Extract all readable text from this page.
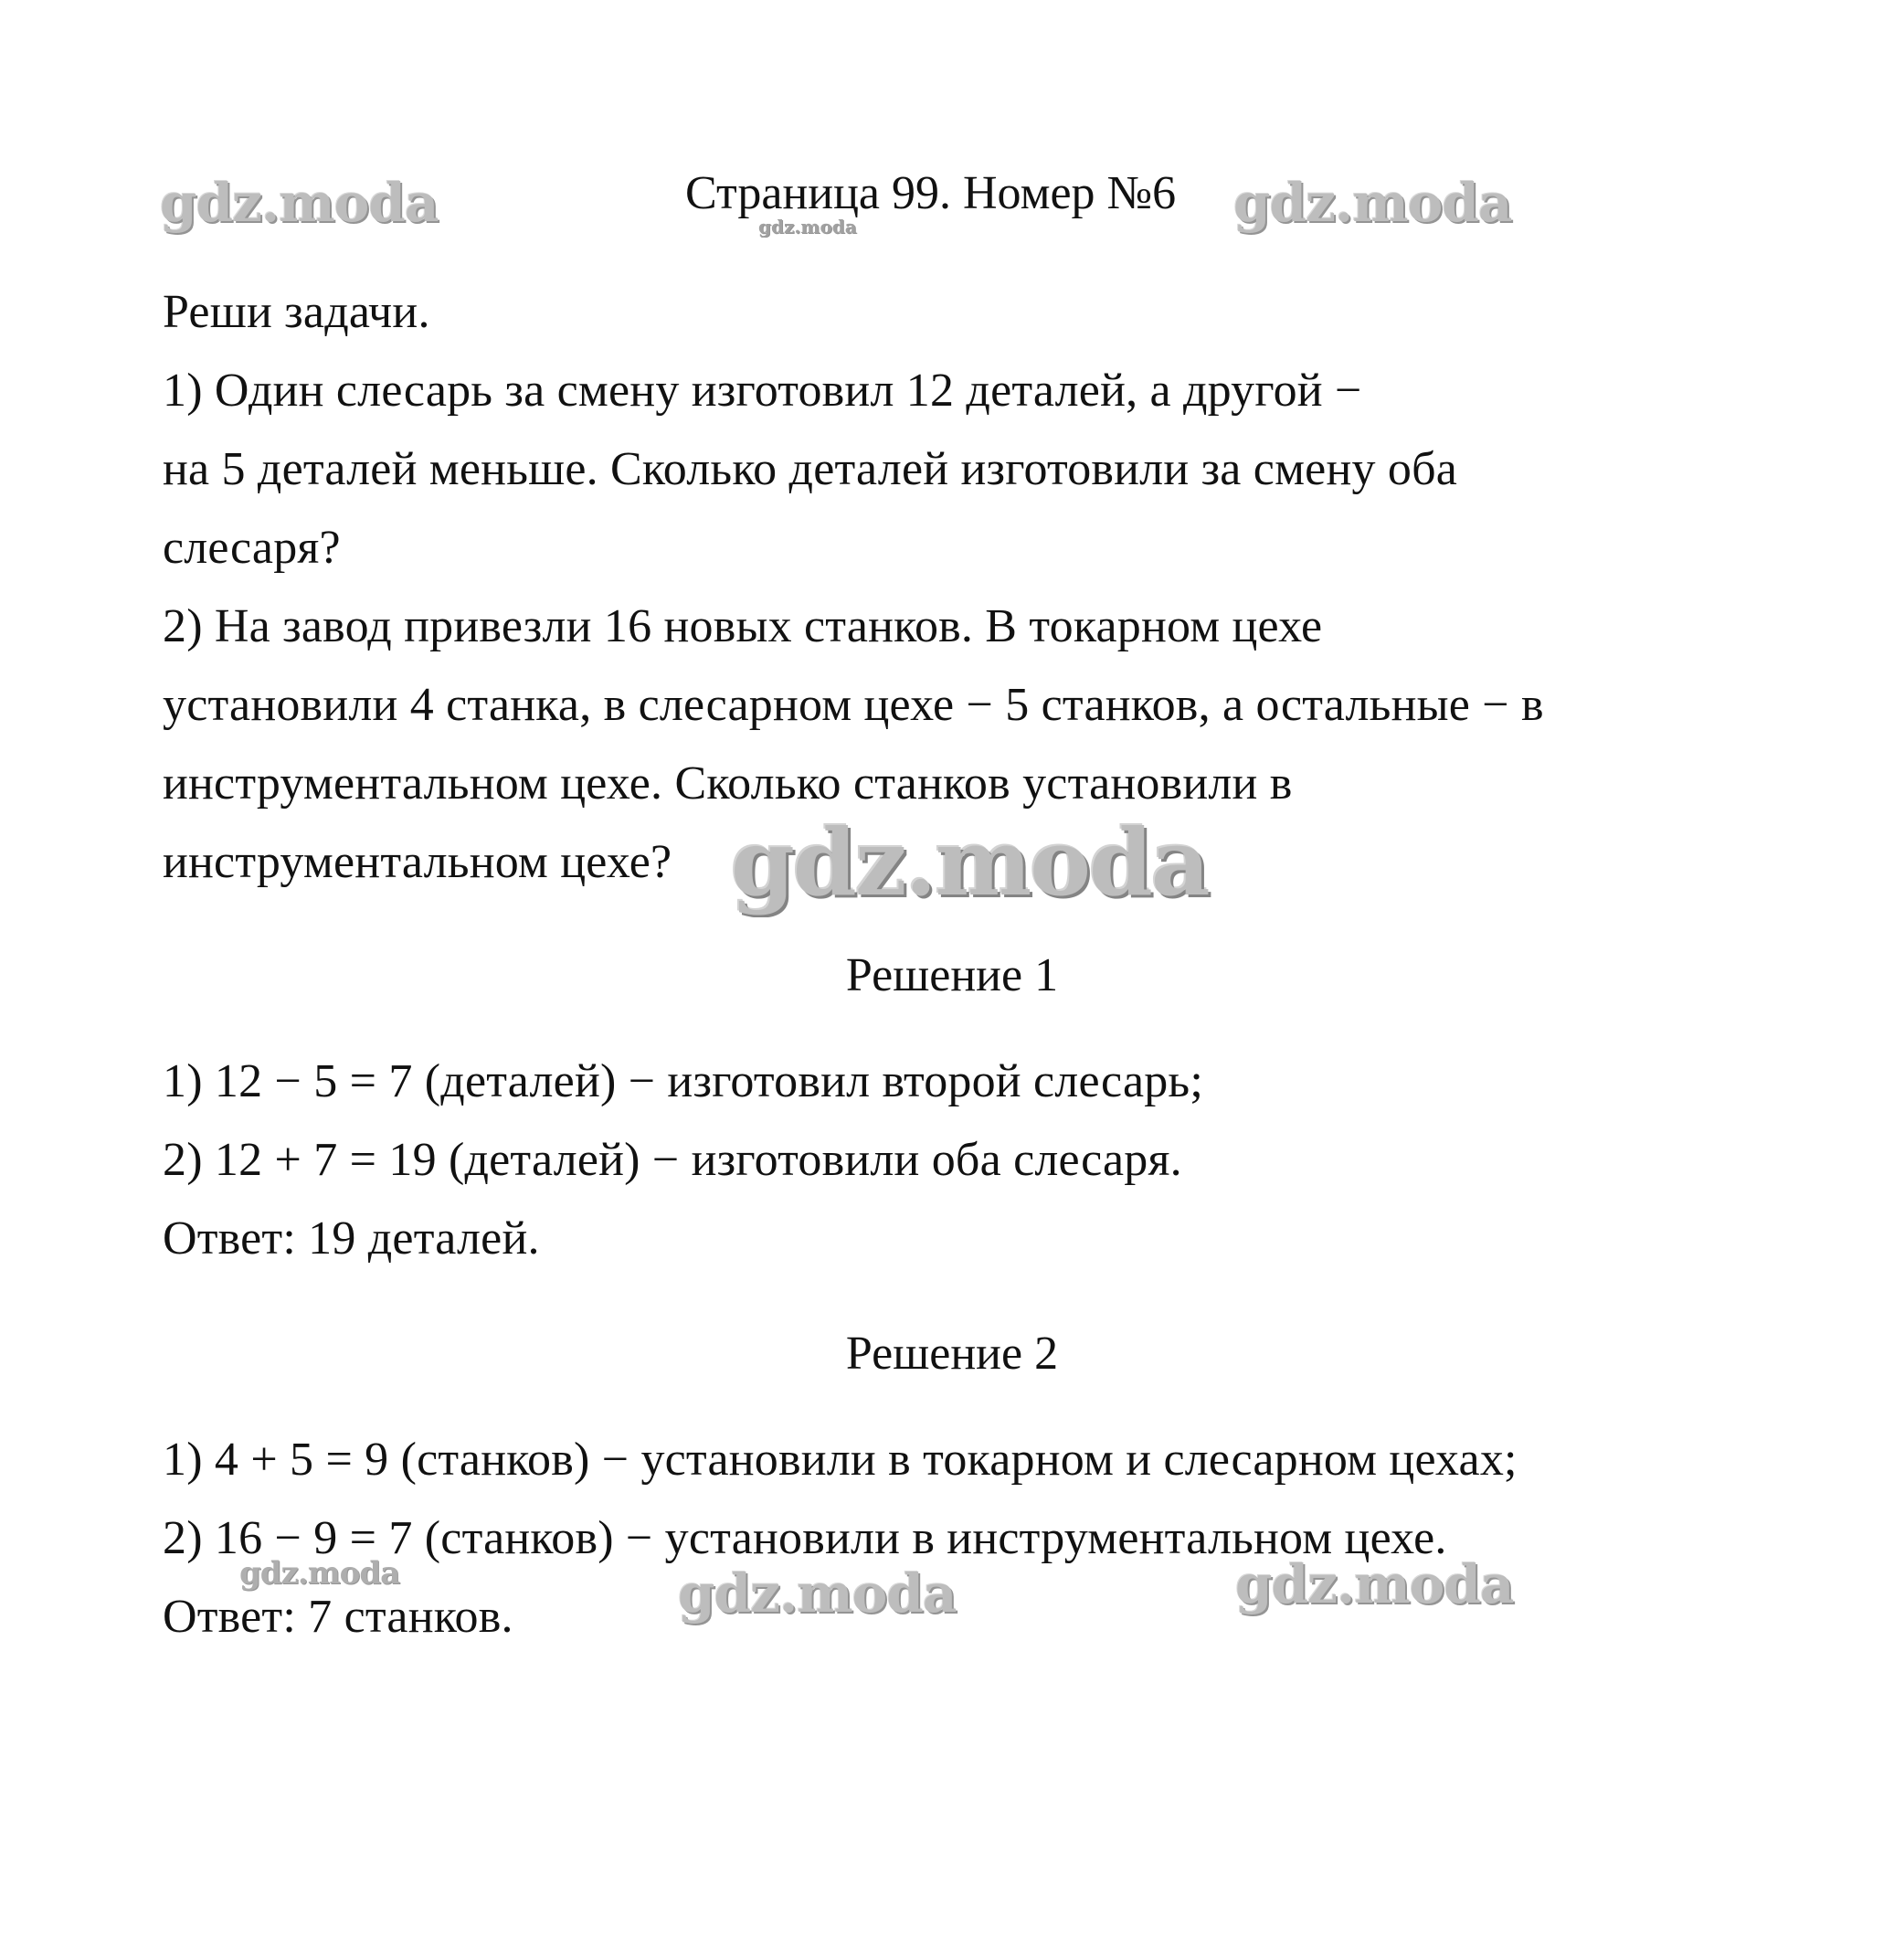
Страница 99. Номер №6
Реши задачи.
1) Один слесарь за смену изготовил 12 деталей, а другой −
на 5 деталей меньше. Сколько деталей изготовили за смену оба
слесаря?
2) На завод привезли 16 новых станков. В токарном цехе
установили 4 станка, в слесарном цехе − 5 станков, а остальные − в
инструментальном цехе. Сколько станков установили в
инструментальном цехе?
Решение 1
1) 12 − 5 = 7 (деталей) − изготовил второй слесарь;
2) 12 + 7 = 19 (деталей) − изготовили оба слесаря.
Ответ: 19 деталей.
Решение 2
1) 4 + 5 = 9 (станков) − установили в токарном и слесарном цехах;
2) 16 − 9 = 7 (станков) − установили в инструментальном цехе.
Ответ: 7 станков.
gdz.moda	gdz.moda
gdz.moda
gdz.moda
gdz.moda	gdz.moda	gdz.moda
